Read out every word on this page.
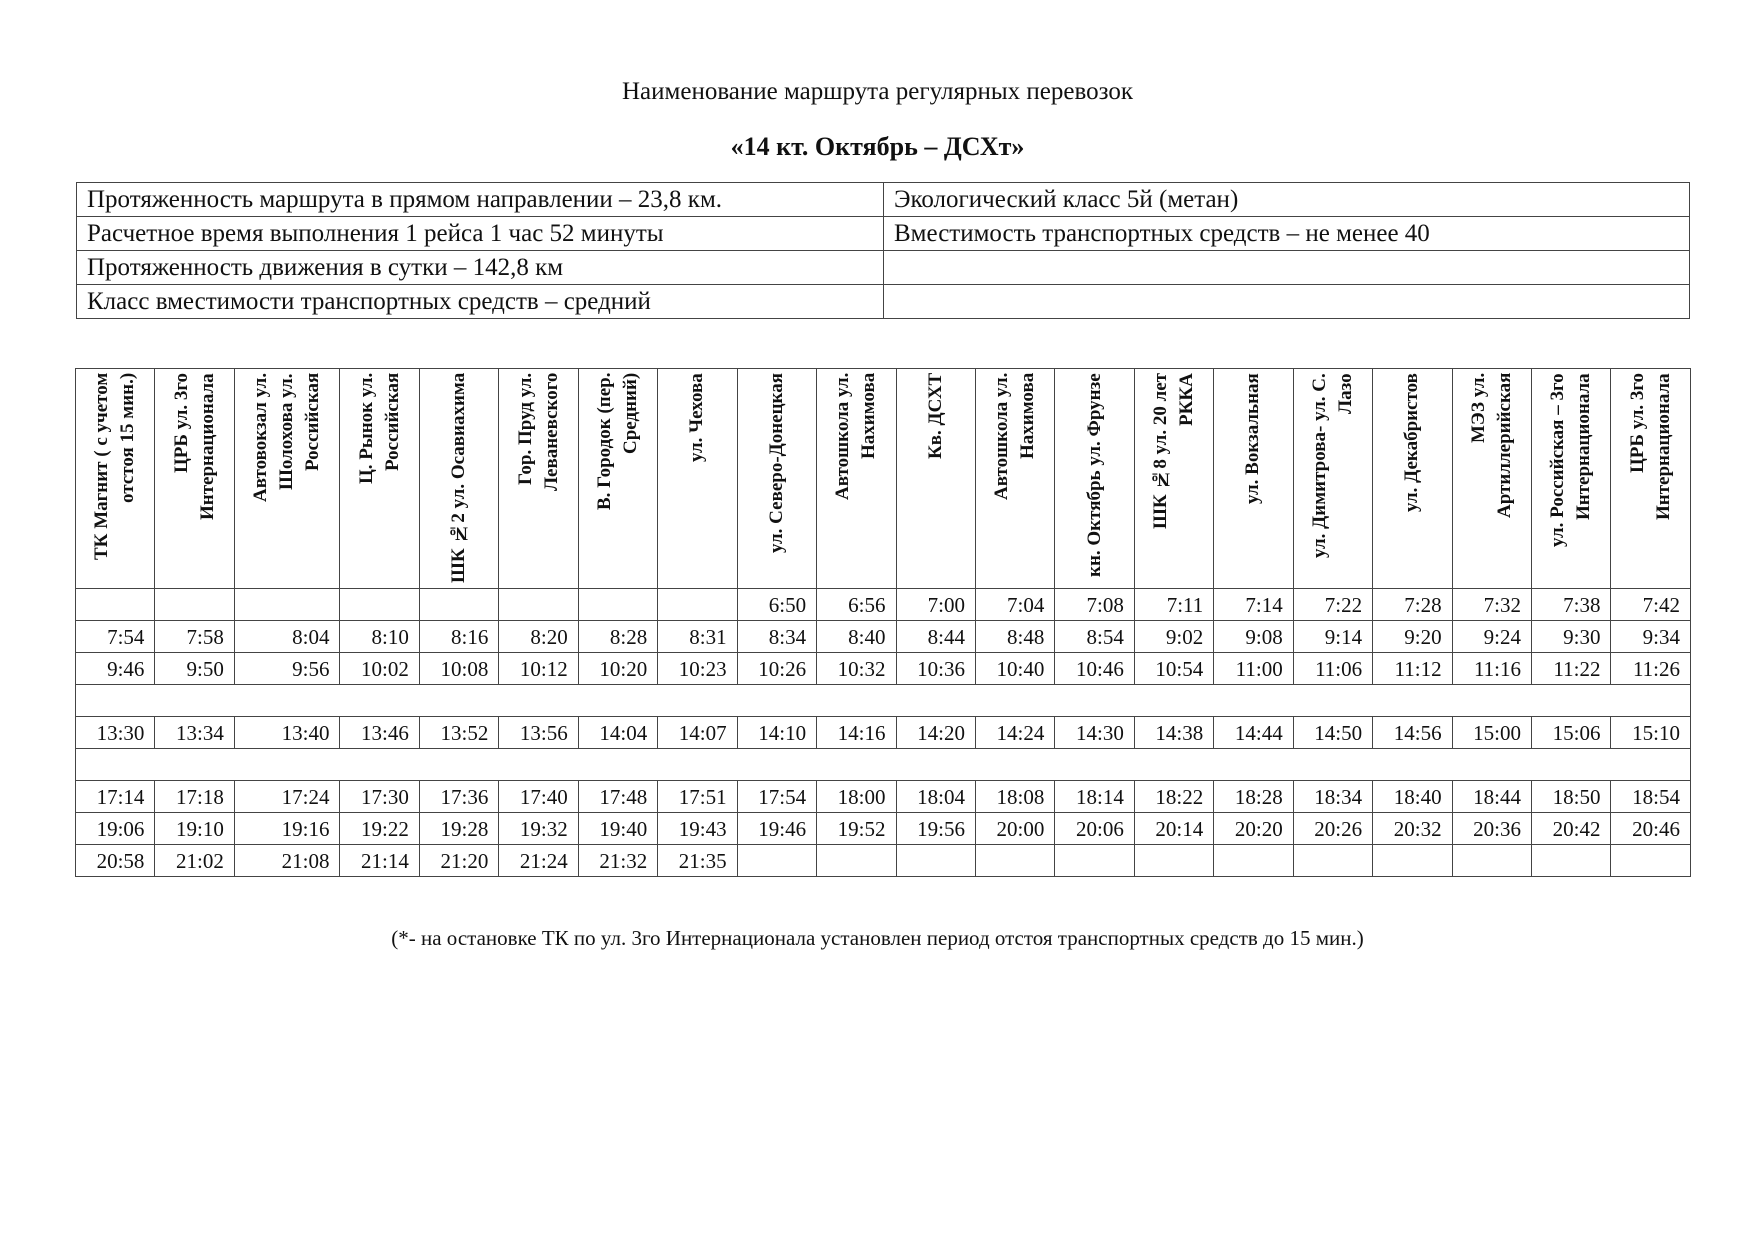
Наименование маршрута регулярных перевозок
«14 кт. Октябрь – ДСХт»
Протяженность маршрута в прямом направлении – 23,8 км.	Экологический класс 5й (метан)
Расчетное время выполнения 1 рейса 1 час 52 минуты	Вместимость транспортных средств – не менее 40
Протяженность движения в сутки – 142,8 км	
Класс вместимости транспортных средств – средний	
ТК Магнит ( с учетом отстоя 15 мин.)	ЦРБ ул. 3го Интернационала	Автовокзал ул. Шолохова ул. Российская	Ц. Рынок ул. Российская	ШК №2 ул. Осавиахима	Гор. Пруд ул. Леваневского	В. Городок (пер. Средний)	ул. Чехова	ул. Северо-Донецкая	Автошкола ул. Нахимова	Кв. ДСХТ	Автошкола ул. Нахимова	кн. Октябрь ул. Фрунзе	ШК №8 ул. 20 лет РККА	ул. Вокзальная	ул. Димитрова- ул. С. Лазо	ул. Декабристов	МЭЗ ул. Артиллерийская	ул. Российская – 3го Интернационала	ЦРБ ул. 3го Интернационала

								6:50	6:56	7:00	7:04	7:08	7:11	7:14	7:22	7:28	7:32	7:38	7:42
7:54	7:58	8:04	8:10	8:16	8:20	8:28	8:31	8:34	8:40	8:44	8:48	8:54	9:02	9:08	9:14	9:20	9:24	9:30	9:34
9:46	9:50	9:56	10:02	10:08	10:12	10:20	10:23	10:26	10:32	10:36	10:40	10:46	10:54	11:00	11:06	11:12	11:16	11:22	11:26

13:30	13:34	13:40	13:46	13:52	13:56	14:04	14:07	14:10	14:16	14:20	14:24	14:30	14:38	14:44	14:50	14:56	15:00	15:06	15:10

17:14	17:18	17:24	17:30	17:36	17:40	17:48	17:51	17:54	18:00	18:04	18:08	18:14	18:22	18:28	18:34	18:40	18:44	18:50	18:54
19:06	19:10	19:16	19:22	19:28	19:32	19:40	19:43	19:46	19:52	19:56	20:00	20:06	20:14	20:20	20:26	20:32	20:36	20:42	20:46
20:58	21:02	21:08	21:14	21:20	21:24	21:32	21:35												
(*- на остановке ТК по ул. 3го Интернационала установлен период отстоя транспортных средств до 15 мин.)
